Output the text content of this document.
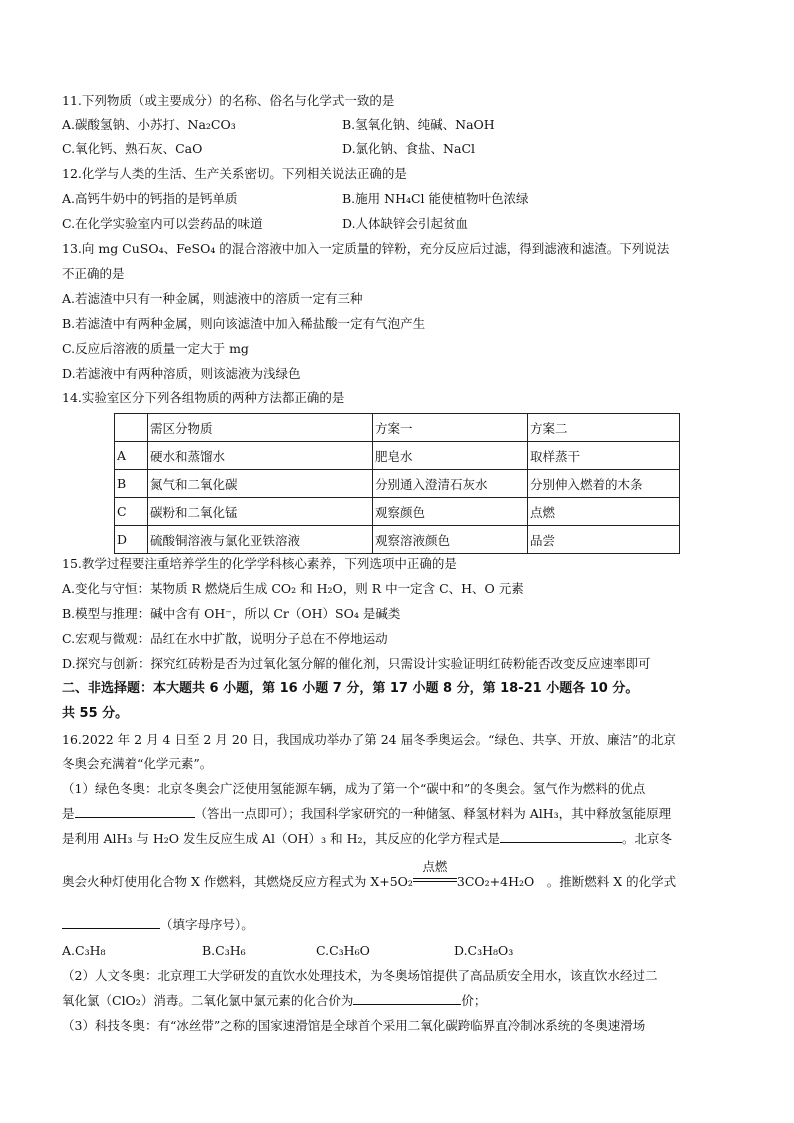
11.下列物质（或主要成分）的名称、俗名与化学式一致的是
A.碳酸氢钠、小苏打、Na₂CO₃	B.氢氧化钠、纯碱、NaOH
C.氧化钙、熟石灰、CaO	D.氯化钠、食盐、NaCl
12.化学与人类的生活、生产关系密切。下列相关说法正确的是
A.高钙牛奶中的钙指的是钙单质	B.施用 NH₄Cl 能使植物叶色浓绿
C.在化学实验室内可以尝药品的味道	D.人体缺锌会引起贫血
13.向 mg CuSO₄、FeSO₄ 的混合溶液中加入一定质量的锌粉，充分反应后过滤，得到滤液和滤渣。下列说法
不正确的是
A.若滤渣中只有一种金属，则滤液中的溶质一定有三种
B.若滤渣中有两种金属，则向该滤渣中加入稀盐酸一定有气泡产生
C.反应后溶液的质量一定大于 mg
D.若滤液中有两种溶质，则该滤液为浅绿色
14.实验室区分下列各组物质的两种方法都正确的是
	需区分物质	方案一	方案二
A	硬水和蒸馏水	肥皂水	取样蒸干
B	氮气和二氧化碳	分别通入澄清石灰水	分别伸入燃着的木条
C	碳粉和二氧化锰	观察颜色	点燃
D	硫酸铜溶液与氯化亚铁溶液	观察溶液颜色	品尝
15.教学过程要注重培养学生的化学学科核心素养，下列选项中正确的是
A.变化与守恒：某物质 R 燃烧后生成 CO₂ 和 H₂O，则 R 中一定含 C、H、O 元素
B.模型与推理：碱中含有 OH⁻，所以 Cr（OH）SO₄ 是碱类
C.宏观与微观：品红在水中扩散，说明分子总在不停地运动
D.探究与创新：探究红砖粉是否为过氧化氢分解的催化剂，只需设计实验证明红砖粉能否改变反应速率即可
二、非选择题：本大题共 6 小题，第 16 小题 7 分，第 17 小题 8 分，第 18-21 小题各 10 分。
共 55 分。
16.2022 年 2 月 4 日至 2 月 20 日，我国成功举办了第 24 届冬季奥运会。“绿色、共享、开放、廉洁”的北京
冬奥会充满着“化学元素”。
（1）绿色冬奥：北京冬奥会广泛使用氢能源车辆，成为了第一个“碳中和”的冬奥会。氢气作为燃料的优点
是	（答出一点即可）；我国科学家研究的一种储氢、释氢材料为 AlH₃，其中释放氢能原理
是利用 AlH₃ 与 H₂O 发生反应生成 Al（OH）₃ 和 H₂，其反应的化学方程式是	。北京冬
奥会火种灯使用化合物 X 作燃料，其燃烧反应方程式为 X+5O₂
点燃
3CO₂+4H₂O　。推断燃料 X 的化学式
（填字母序号）。
A.C₃H₈	B.C₃H₆	C.C₃H₆O	D.C₃H₈O₃
（2）人文冬奥：北京理工大学研发的直饮水处理技术，为冬奥场馆提供了高品质安全用水，该直饮水经过二
氧化氯（ClO₂）消毒。二氧化氯中氯元素的化合价为	价；
（3）科技冬奥：有“冰丝带”之称的国家速滑馆是全球首个采用二氧化碳跨临界直冷制冰系统的冬奥速滑场
